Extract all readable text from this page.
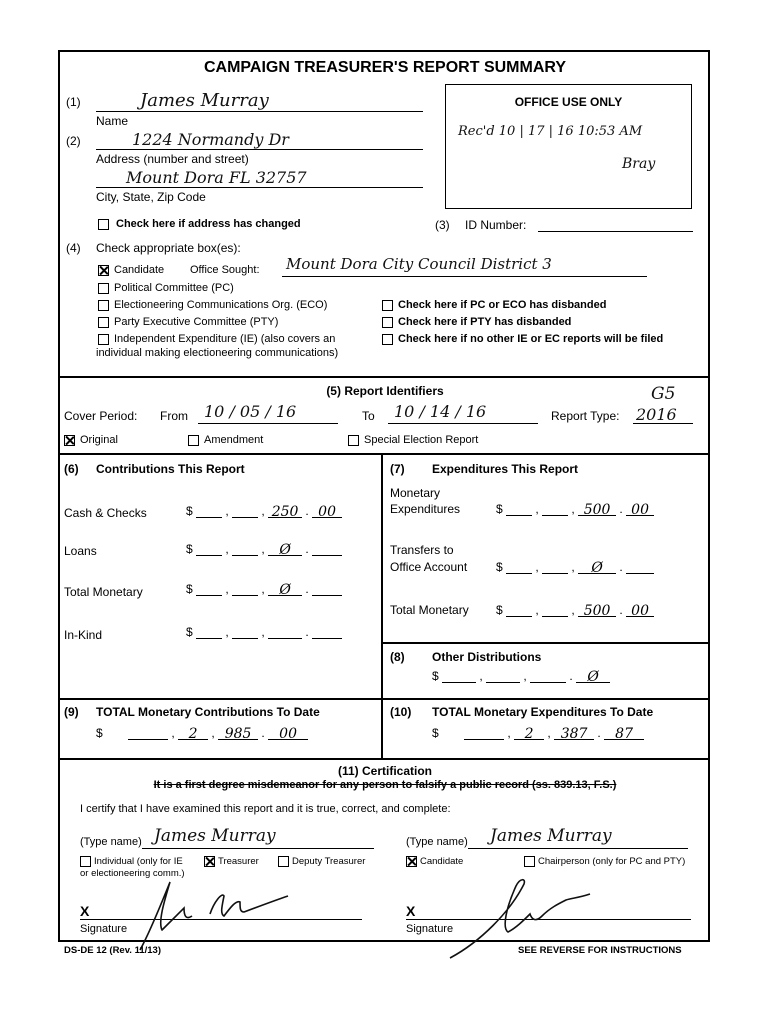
CAMPAIGN TREASURER'S REPORT SUMMARY
OFFICE USE ONLY
Rec'd 10 | 17 | 16 10:53 AM
Bray
(1)	James Murray
Name
(2)	1224 Normandy Dr
Address (number and street)
Mount Dora FL 32757
City, State, Zip Code
Check here if address has changed	(3) ID Number:
(4) Check appropriate box(es):
Candidate Office Sought: Mount Dora City Council District 3
Political Committee (PC)
Electioneering Communications Org. (ECO)
Party Executive Committee (PTY)
Independent Expenditure (IE) (also covers an
individual making electioneering communications)
Check here if PC or ECO has disbanded
Check here if PTY has disbanded
Check here if no other IE or EC reports will be filed
(5) Report Identifiers
Cover Period: From 10 / 05 / 16	To 10 / 14 / 16	Report Type:
G5
2016
Original	Amendment	Special Election Report
(6) Contributions This Report
Cash & Checks	$  ,  , 250 . 00
Loans	$  ,  , Ø .
Total Monetary	$  ,  , Ø .
In-Kind	$  ,  ,	.
(7) Expenditures This Report
Monetary
Expenditures	$  ,  , 500 . 00
Transfers to
Office Account $  ,  , Ø .
Total Monetary $  ,  , 500 . 00
(8) Other Distributions
$	,	,	. Ø
(9) TOTAL Monetary Contributions To Date
$	, 2 , 985 . 00
(10) TOTAL Monetary Expenditures To Date
$	, 2 , 387 . 87
(11) Certification
It is a first degree misdemeanor for any person to falsify a public record (ss. 839.13, F.S.)
I certify that I have examined this report and it is true, correct, and complete:
(Type name) James Murray
Individual (only for IE
or electioneering comm.)
Treasurer	Deputy Treasurer
(Type name) James Murray
Candidate	Chairperson (only for PC and PTY)
X
Signature
X
Signature
DS-DE 12 (Rev. 11/13)	SEE REVERSE FOR INSTRUCTIONS
